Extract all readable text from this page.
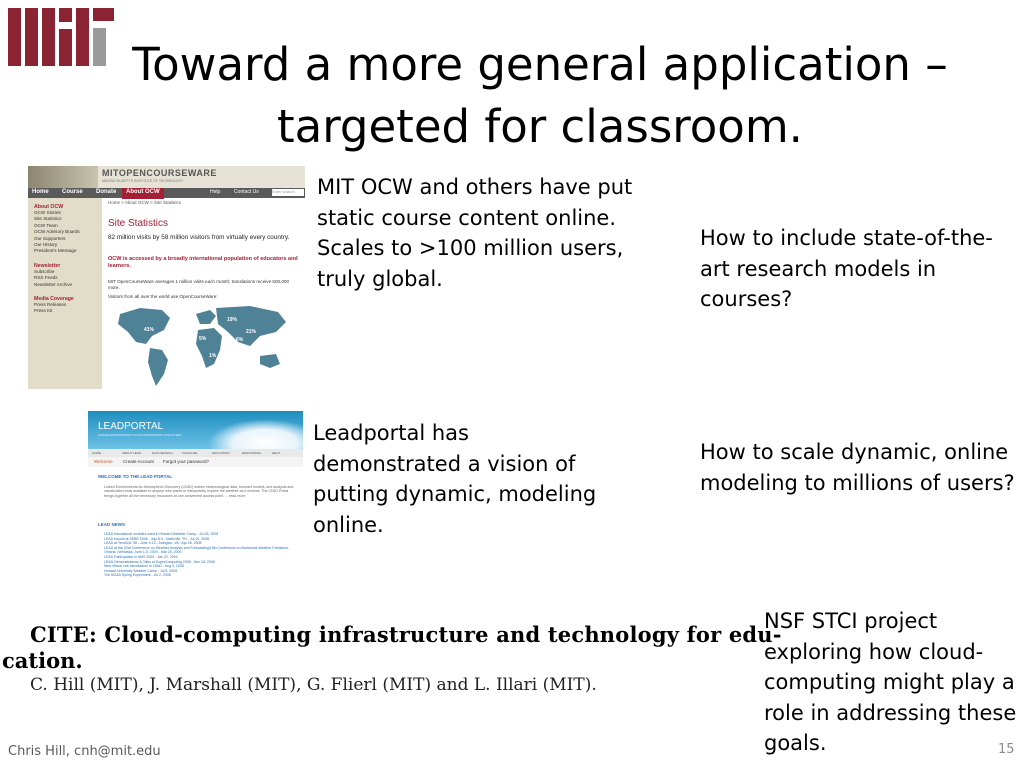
Toward a more general application –
targeted for classroom.
MITOPENCOURSEWARE
MASSACHUSETTS INSTITUTE OF TECHNOLOGY
Home Course Donate	About OCW	Help	Contact Us	Enter search
About OCW
OCW Stories
Site Statistics
OCW Team
OCW Advisory Boards
Our Supporters
Our History
President's Message
Newsletter
Subscribe
RSS Feeds
Newsletter Archive
Media Coverage
Press Releases
Press Kit
Home > About OCW > Site Statistics
Site Statistics
82 million visits by 58 million visitors from virtually every country.
OCW is accessed by a broadly international population of educators and learners.
MIT OpenCourseWare averages 1 million visits each month; translations receive 500,000 more.
Visitors from all over the world use OpenCourseWare:
19%
41%	21%
5%	6%
5%
1%
MIT OCW and others have put
static course content online.
Scales to >100 million users,
truly global.
How to include state-of-the-
art research models in
courses?
LEADPORTAL
LINKED ENVIRONMENTS FOR ATMOSPHERIC DISCOVERY
HOME	ABOUT LEAD	DATA SEARCH	VISUALIZE	EDUCATION	RESOURCES	HELP
Welcome Create Account Forgot your password?
WELCOME TO THE LEAD PORTAL
Linked Environments for Atmospheric Discovery (LEAD) makes meteorological data, forecast models, and analysis and visualization tools available to anyone who wants to interactively explore the weather as it evolves. The LEAD Portal brings together all the necessary resources at one convenient access point. ... read more
LEAD NEWS
LEAD educational modules used in Howard Weather Camp - Jul 28, 2008
LEAD tutorial at SEBE 2008 - July 8-9 - Nashville, TN - Jul 10, 2008
LEAD at TeraGrid '08 - June 9-13 - Arlington, VA - Apr 28, 2008
LEAD at the 23rd Conference on Weather Analysis and Forecasting/19th Conference on Numerical Weather Prediction, Omaha, Nebraska, June 1-5, 2009 - Mar 25, 2009
LEAD Participation in AMS 2009 - Jan 22, 2009
LEAD Demonstrations & Talks at SuperComputing 2008 - Nov 18, 2008
New Virtual Lab Introduction to LEAD - Aug 4, 2008
Howard University Weather Camp - Jul 5, 2008
The NOAA Spring Experiment - Jul 2, 2008
Leadportal has
demonstrated a vision of
putting dynamic, modeling
online.
How to scale dynamic, online
modeling to millions of users?
CITE: Cloud-computing infrastructure and technology for edu-
cation.
C. Hill (MIT), J. Marshall (MIT), G. Flierl (MIT) and L. Illari (MIT).
NSF STCI project
exploring how cloud-
computing might play a
role in addressing these
goals.
Chris Hill, cnh@mit.edu	15
